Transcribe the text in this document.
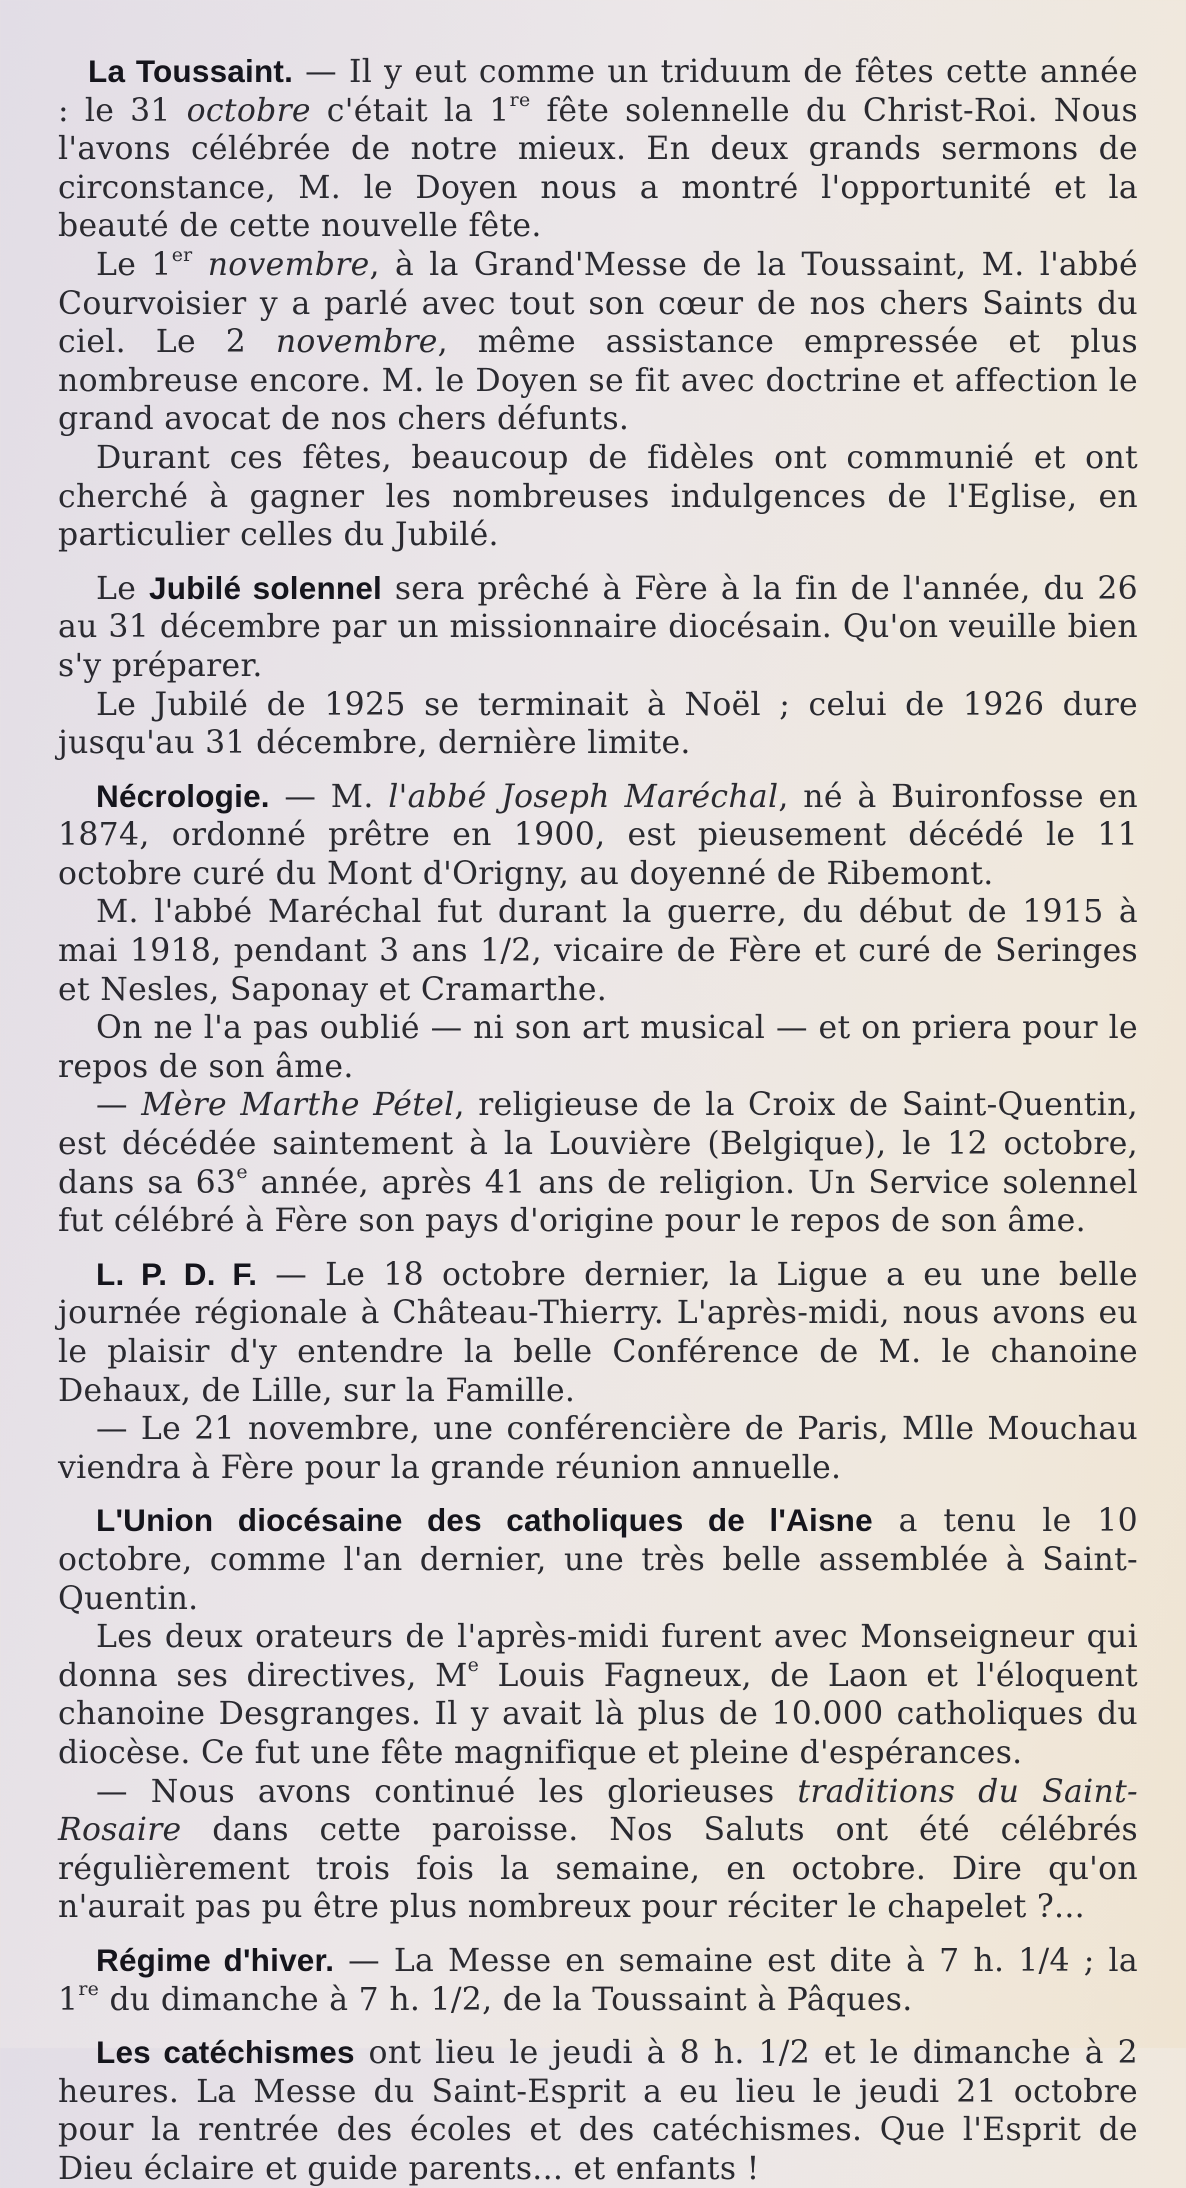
La Toussaint. — Il y eut comme un triduum de fêtes cette année : le 31 octobre c'était la 1re fête solennelle du Christ-Roi. Nous l'avons célébrée de notre mieux. En deux grands sermons de circonstance, M. le Doyen nous a montré l'opportunité et la beauté de cette nouvelle fête.

Le 1er novembre, à la Grand'Messe de la Toussaint, M. l'abbé Courvoisier y a parlé avec tout son cœur de nos chers Saints du ciel. Le 2 novembre, même assistance empressée et plus nombreuse encore. M. le Doyen se fit avec doctrine et affection le grand avocat de nos chers défunts.

Durant ces fêtes, beaucoup de fidèles ont communié et ont cherché à gagner les nombreuses indulgences de l'Eglise, en particulier celles du Jubilé.

Le Jubilé solennel sera prêché à Fère à la fin de l'année, du 26 au 31 décembre par un missionnaire diocésain. Qu'on veuille bien s'y préparer.

Le Jubilé de 1925 se terminait à Noël ; celui de 1926 dure jusqu'au 31 décembre, dernière limite.

Nécrologie. — M. l'abbé Joseph Maréchal, né à Buironfosse en 1874, ordonné prêtre en 1900, est pieusement décédé le 11 octobre curé du Mont d'Origny, au doyenné de Ribemont.

M. l'abbé Maréchal fut durant la guerre, du début de 1915 à mai 1918, pendant 3 ans 1/2, vicaire de Fère et curé de Seringes et Nesles, Saponay et Cramarthe.

On ne l'a pas oublié — ni son art musical — et on priera pour le repos de son âme.

— Mère Marthe Pétel, religieuse de la Croix de Saint-Quentin, est décédée saintement à la Louvière (Belgique), le 12 octobre, dans sa 63e année, après 41 ans de religion. Un Service solennel fut célébré à Fère son pays d'origine pour le repos de son âme.

L. P. D. F. — Le 18 octobre dernier, la Ligue a eu une belle journée régionale à Château-Thierry. L'après-midi, nous avons eu le plaisir d'y entendre la belle Conférence de M. le chanoine Dehaux, de Lille, sur la Famille.

— Le 21 novembre, une conférencière de Paris, Mlle Mouchau viendra à Fère pour la grande réunion annuelle.

L'Union diocésaine des catholiques de l'Aisne a tenu le 10 octobre, comme l'an dernier, une très belle assemblée à Saint-Quentin.

Les deux orateurs de l'après-midi furent avec Monseigneur qui donna ses directives, Me Louis Fagneux, de Laon et l'éloquent chanoine Desgranges. Il y avait là plus de 10.000 catholiques du diocèse. Ce fut une fête magnifique et pleine d'espérances.

— Nous avons continué les glorieuses traditions du Saint-Rosaire dans cette paroisse. Nos Saluts ont été célébrés régulièrement trois fois la semaine, en octobre. Dire qu'on n'aurait pas pu être plus nombreux pour réciter le chapelet ?...

Régime d'hiver. — La Messe en semaine est dite à 7 h. 1/4 ; la 1re du dimanche à 7 h. 1/2, de la Toussaint à Pâques.

Les catéchismes ont lieu le jeudi à 8 h. 1/2 et le dimanche à 2 heures. La Messe du Saint-Esprit a eu lieu le jeudi 21 octobre pour la rentrée des écoles et des catéchismes. Que l'Esprit de Dieu éclaire et guide parents... et enfants !
